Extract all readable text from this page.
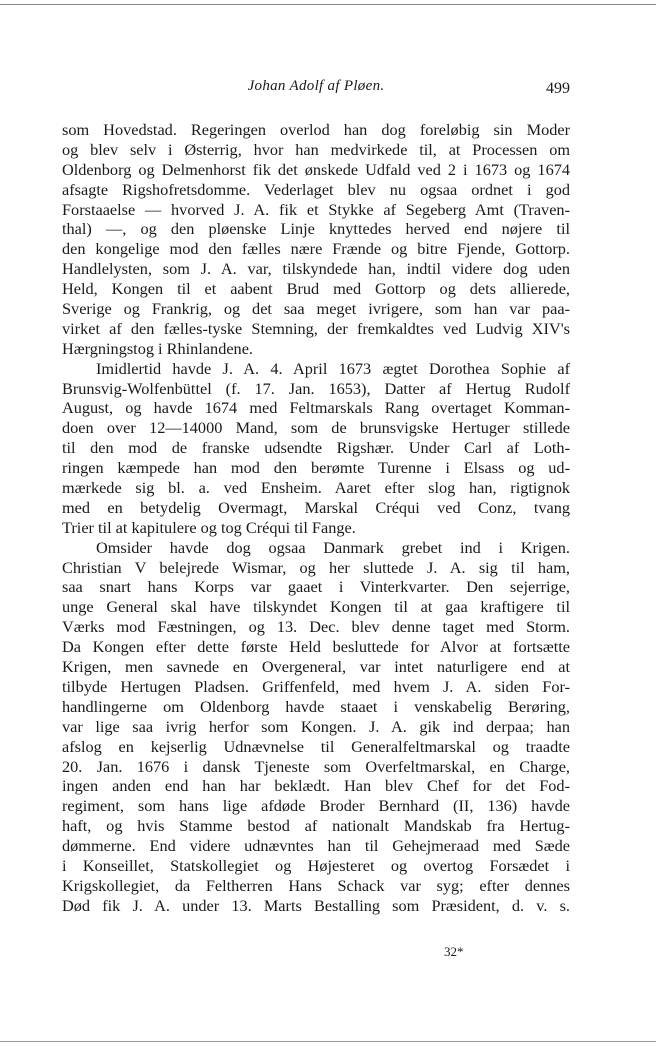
Johan Adolf af Pløen.	499
som Hovedstad. Regeringen overlod han dog foreløbig sin Moder
og blev selv i Østerrig, hvor han medvirkede til, at Processen om
Oldenborg og Delmenhorst fik det ønskede Udfald ved 2 i 1673 og 1674
afsagte Rigshofretsdomme. Vederlaget blev nu ogsaa ordnet i god
Forstaaelse — hvorved J. A. fik et Stykke af Segeberg Amt (Traven-
thal) —, og den pløenske Linje knyttedes herved end nøjere til
den kongelige mod den fælles nære Frænde og bitre Fjende, Gottorp.
Handlelysten, som J. A. var, tilskyndede han, indtil videre dog uden
Held, Kongen til et aabent Brud med Gottorp og dets allierede,
Sverige og Frankrig, og det saa meget ivrigere, som han var paa-
virket af den fælles-tyske Stemning, der fremkaldtes ved Ludvig XIV's
Hærgningstog i Rhinlandene.
Imidlertid havde J. A. 4. April 1673 ægtet Dorothea Sophie af
Brunsvig-Wolfenbüttel (f. 17. Jan. 1653), Datter af Hertug Rudolf
August, og havde 1674 med Feltmarskals Rang overtaget Komman-
doen over 12—14000 Mand, som de brunsvigske Hertuger stillede
til den mod de franske udsendte Rigshær. Under Carl af Loth-
ringen kæmpede han mod den berømte Turenne i Elsass og ud-
mærkede sig bl. a. ved Ensheim. Aaret efter slog han, rigtignok
med en betydelig Overmagt, Marskal Créqui ved Conz, tvang
Trier til at kapitulere og tog Créqui til Fange.
Omsider havde dog ogsaa Danmark grebet ind i Krigen.
Christian V belejrede Wismar, og her sluttede J. A. sig til ham,
saa snart hans Korps var gaaet i Vinterkvarter. Den sejerrige,
unge General skal have tilskyndet Kongen til at gaa kraftigere til
Værks mod Fæstningen, og 13. Dec. blev denne taget med Storm.
Da Kongen efter dette første Held besluttede for Alvor at fortsætte
Krigen, men savnede en Overgeneral, var intet naturligere end at
tilbyde Hertugen Pladsen. Griffenfeld, med hvem J. A. siden For-
handlingerne om Oldenborg havde staaet i venskabelig Berøring,
var lige saa ivrig herfor som Kongen. J. A. gik ind derpaa; han
afslog en kejserlig Udnævnelse til Generalfeltmarskal og traadte
20. Jan. 1676 i dansk Tjeneste som Overfeltmarskal, en Charge,
ingen anden end han har beklædt. Han blev Chef for det Fod-
regiment, som hans lige afdøde Broder Bernhard (II, 136) havde
haft, og hvis Stamme bestod af nationalt Mandskab fra Hertug-
dømmerne. End videre udnævntes han til Gehejmeraad med Sæde
i Konseillet, Statskollegiet og Højesteret og overtog Forsædet i
Krigskollegiet, da Feltherren Hans Schack var syg; efter dennes
Død fik J. A. under 13. Marts Bestalling som Præsident, d. v. s.
32*
